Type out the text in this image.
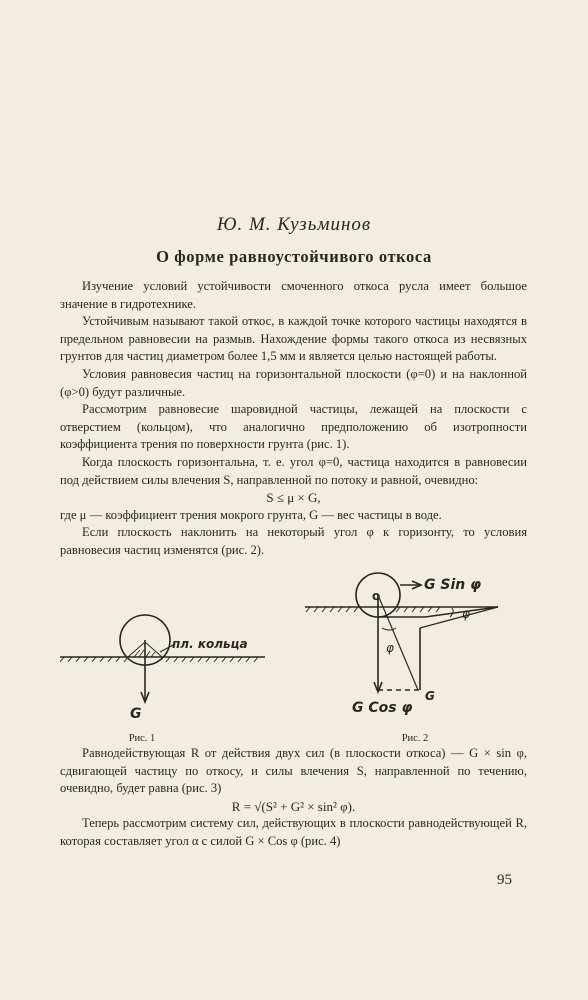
Ю. М. Кузьминов
О форме равноустойчивого откоса

Изучение условий устойчивости смоченного откоса русла имеет большое значение в гидротехнике.

Устойчивым называют такой откос, в каждой точке которого частицы находятся в предельном равновесии на размыв. Нахождение формы такого откоса из несвязных грунтов для частиц диаметром более 1,5 мм и является целью настоящей работы.

Условия равновесия частиц на горизонтальной плоскости (φ=0) и на наклонной (φ>0) будут различные.

Рассмотрим равновесие шаровидной частицы, лежащей на плоскости с отверстием (кольцом), что аналогично предположению об изотропности коэффициента трения по поверхности грунта (рис. 1).

Когда плоскость горизонтальна, т. е. угол φ=0, частица находится в равновесии под действием силы влечения S, направленной по потоку и равной, очевидно:

S ≤ μ × G,

где μ — коэффициент трения мокрого грунта, G — вес частицы в воде.

Если плоскость наклонить на некоторый угол φ к горизонту, то условия равновесия частиц изменятся (рис. 2).

пл. кольца
G
Рис. 1
о
G Sin φ
φ
φ
G
G Cos φ
Рис. 2

Равнодействующая R от действия двух сил (в плоскости откоса) — G × sin φ, сдвигающей частицу по откосу, и силы влечения S, направленной по течению, очевидно, будет равна (рис. 3)

R = √(S² + G² × sin² φ).

Теперь рассмотрим систему сил, действующих в плоскости равнодействующей R, которая составляет угол α с силой G × Cos φ (рис. 4)

95
